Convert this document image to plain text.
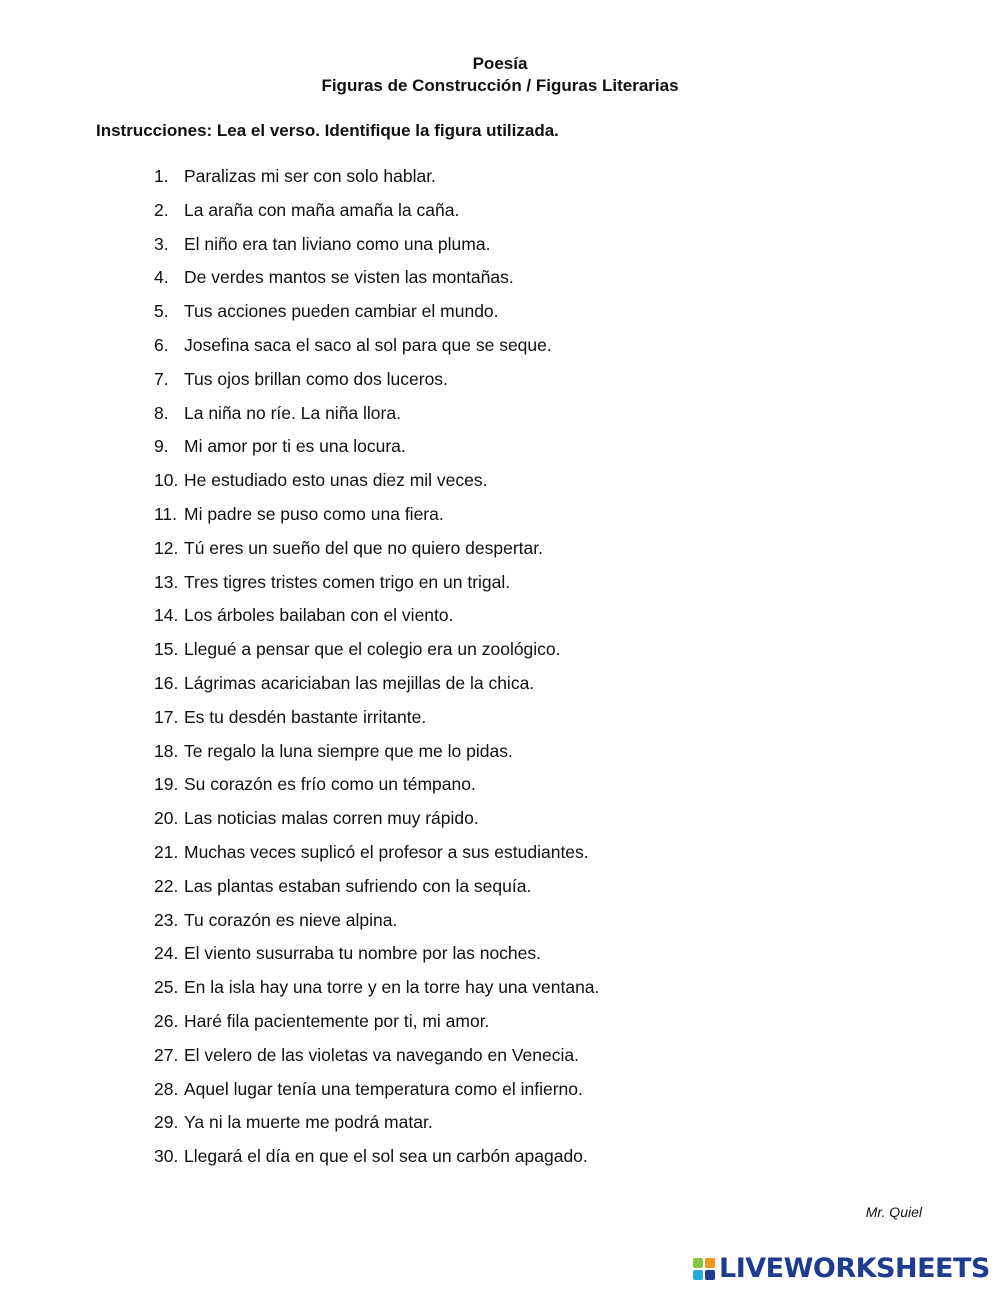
Poesía
Figuras de Construcción / Figuras Literarias
Instrucciones: Lea el verso. Identifique la figura utilizada.
1. Paralizas mi ser con solo hablar.
2. La araña con maña amaña la caña.
3. El niño era tan liviano como una pluma.
4. De verdes mantos se visten las montañas.
5. Tus acciones pueden cambiar el mundo.
6. Josefina saca el saco al sol para que se seque.
7. Tus ojos brillan como dos luceros.
8. La niña no ríe. La niña llora.
9. Mi amor por ti es una locura.
10. He estudiado esto unas diez mil veces.
11. Mi padre se puso como una fiera.
12. Tú eres un sueño del que no quiero despertar.
13. Tres tigres tristes comen trigo en un trigal.
14. Los árboles bailaban con el viento.
15. Llegué a pensar que el colegio era un zoológico.
16. Lágrimas acariciaban las mejillas de la chica.
17. Es tu desdén bastante irritante.
18. Te regalo la luna siempre que me lo pidas.
19. Su corazón es frío como un témpano.
20. Las noticias malas corren muy rápido.
21. Muchas veces suplicó el profesor a sus estudiantes.
22. Las plantas estaban sufriendo con la sequía.
23. Tu corazón es nieve alpina.
24. El viento susurraba tu nombre por las noches.
25. En la isla hay una torre y en la torre hay una ventana.
26. Haré fila pacientemente por ti, mi amor.
27. El velero de las violetas va navegando en Venecia.
28. Aquel lugar tenía una temperatura como el infierno.
29. Ya ni la muerte me podrá matar.
30. Llegará el día en que el sol sea un carbón apagado.
Mr. Quiel
LIVEWORKSHEETS
